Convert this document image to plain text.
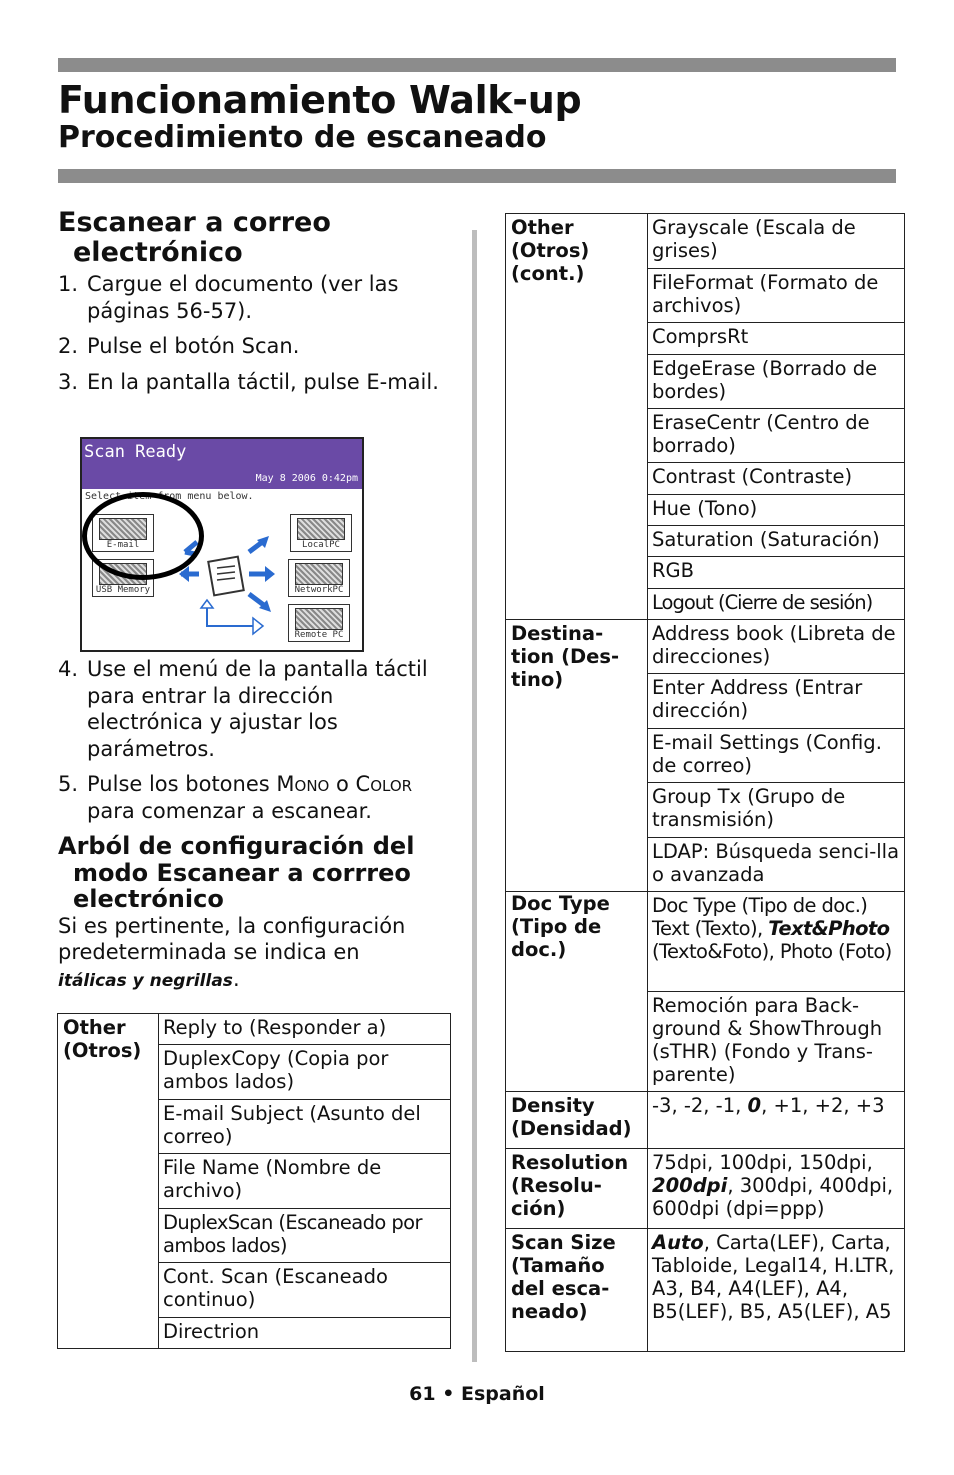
Funcionamiento Walk-up
Procedimiento de escaneado
Escanear a correo
electrónico
1. Cargue el documento (ver las páginas 56-57).
2. Pulse el botón Scan.
3. En la pantalla táctil, pulse E-mail.
Scan Ready
May 8 2006 0:42pm
Select item from menu below.
E-mail
USB Memory
LocalPC
NetworkPC
Remote PC
4. Use el menú de la pantalla táctil para entrar la dirección electrónica y ajustar los parámetros.
5. Pulse los botones Mono o Color para comenzar a escanear.
Arból de configuración del
modo Escanear a corrreo
electrónico

Si es pertinente, la configuración predeterminada se indica en
itálicas y negrillas.

Other (Otros)	Reply to (Responder a)
DuplexCopy (Copia por ambos lados)
E-mail Subject (Asunto del correo)
File Name (Nombre de archivo)
DuplexScan (Escaneado por ambos lados)
Cont. Scan (Escaneado continuo)
Directrion
Other (Otros) (cont.)	Grayscale (Escala de grises)
	FileFormat (Formato de archivos)
	ComprsRt
	EdgeErase (Borrado de bordes)
	EraseCentr (Centro de borrado)
	Contrast (Contraste)
	Hue (Tono)
	Saturation (Saturación)
	RGB
	Logout (Cierre de sesión)
Destina-tion (Des-tino)	Address book (Libreta de direcciones)
	Enter Address (Entrar dirección)
	E-mail Settings (Config. de correo)
	Group Tx (Grupo de transmisión)
	LDAP: Búsqueda senci-lla o avanzada

Doc Type (Tipo de doc.)	Doc Type (Tipo de doc.) Text (Texto), Text&Photo (Texto&Foto), Photo (Foto)
	Remoción para Back-ground & ShowThrough (sTHR) (Fondo y Trans-parente)
Density (Densidad)	-3, -2, -1, 0, +1, +2, +3
Resolution (Resolu-ción)	75dpi, 100dpi, 150dpi, 200dpi, 300dpi, 400dpi, 600dpi (dpi=ppp)
Scan Size (Tamaño del esca-neado)	Auto, Carta(LEF), Carta, Tabloide, Legal14, H.LTR, A3, B4, A4(LEF), A4, B5(LEF), B5, A5(LEF), A5
61 • Español
